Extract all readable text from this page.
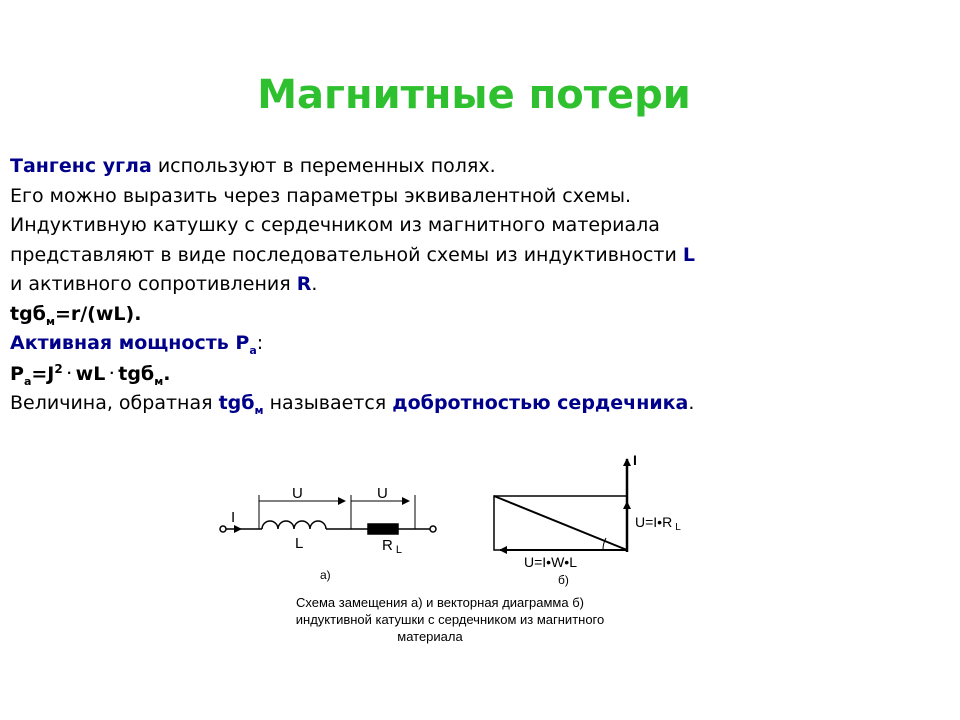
Магнитные потери
Тангенс угла используют в переменных полях.
Его можно выразить через параметры эквивалентной схемы.
Индуктивную катушку с сердечником из магнитного материала
представляют в виде последовательной схемы из индуктивности L
и активного сопротивления R.
tgб$_м$=r/(wL).
Активная мощность $P_а$:
$P_а=J^2$ · wL · tgб$_м$.
Величина, обратная tgб$_м$ называется добротностью сердечника.
I
U	U
L	R $_L$
а)
I
U=I•R $_L$
U=I•W•L
б)
Схема замещения а) и векторная диаграмма б)
индуктивной катушки с сердечником из магнитного
материала
